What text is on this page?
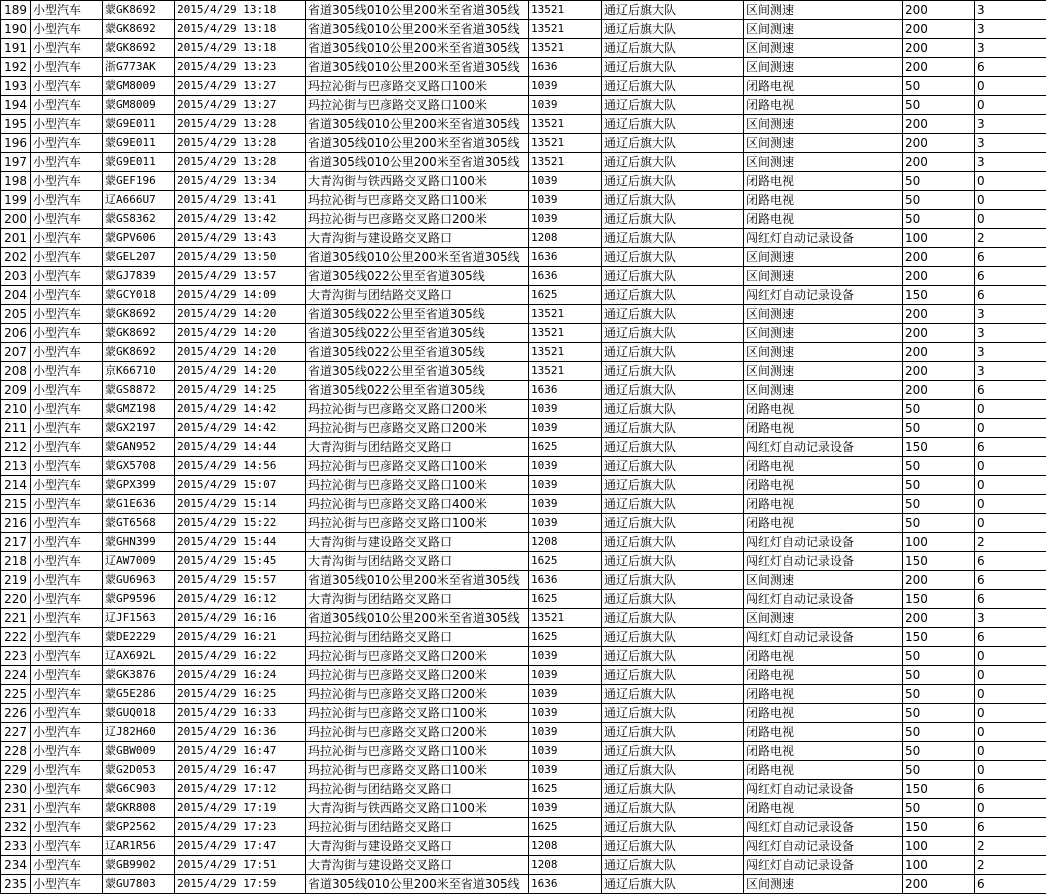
189	小型汽车	蒙GK8692	2015/4/29 13:18	省道305线010公里200米至省道305线	13521	通辽后旗大队	区间测速	200	3
190	小型汽车	蒙GK8692	2015/4/29 13:18	省道305线010公里200米至省道305线	13521	通辽后旗大队	区间测速	200	3
191	小型汽车	蒙GK8692	2015/4/29 13:18	省道305线010公里200米至省道305线	13521	通辽后旗大队	区间测速	200	3
192	小型汽车	浙G773AK	2015/4/29 13:23	省道305线010公里200米至省道305线	1636	通辽后旗大队	区间测速	200	6
193	小型汽车	蒙GM8009	2015/4/29 13:27	玛拉沁街与巴彦路交叉路口100米	1039	通辽后旗大队	闭路电视	50	0
194	小型汽车	蒙GM8009	2015/4/29 13:27	玛拉沁街与巴彦路交叉路口100米	1039	通辽后旗大队	闭路电视	50	0
195	小型汽车	蒙G9E011	2015/4/29 13:28	省道305线010公里200米至省道305线	13521	通辽后旗大队	区间测速	200	3
196	小型汽车	蒙G9E011	2015/4/29 13:28	省道305线010公里200米至省道305线	13521	通辽后旗大队	区间测速	200	3
197	小型汽车	蒙G9E011	2015/4/29 13:28	省道305线010公里200米至省道305线	13521	通辽后旗大队	区间测速	200	3
198	小型汽车	蒙GEF196	2015/4/29 13:34	大青沟街与铁西路交叉路口100米	1039	通辽后旗大队	闭路电视	50	0
199	小型汽车	辽A666U7	2015/4/29 13:41	玛拉沁街与巴彦路交叉路口100米	1039	通辽后旗大队	闭路电视	50	0
200	小型汽车	蒙GS8362	2015/4/29 13:42	玛拉沁街与巴彦路交叉路口200米	1039	通辽后旗大队	闭路电视	50	0
201	小型汽车	蒙GPV606	2015/4/29 13:43	大青沟街与建设路交叉路口	1208	通辽后旗大队	闯红灯自动记录设备	100	2
202	小型汽车	蒙GEL207	2015/4/29 13:50	省道305线010公里200米至省道305线	1636	通辽后旗大队	区间测速	200	6
203	小型汽车	蒙GJ7839	2015/4/29 13:57	省道305线022公里至省道305线	1636	通辽后旗大队	区间测速	200	6
204	小型汽车	蒙GCY018	2015/4/29 14:09	大青沟街与团结路交叉路口	1625	通辽后旗大队	闯红灯自动记录设备	150	6
205	小型汽车	蒙GK8692	2015/4/29 14:20	省道305线022公里至省道305线	13521	通辽后旗大队	区间测速	200	3
206	小型汽车	蒙GK8692	2015/4/29 14:20	省道305线022公里至省道305线	13521	通辽后旗大队	区间测速	200	3
207	小型汽车	蒙GK8692	2015/4/29 14:20	省道305线022公里至省道305线	13521	通辽后旗大队	区间测速	200	3
208	小型汽车	京K66710	2015/4/29 14:20	省道305线022公里至省道305线	13521	通辽后旗大队	区间测速	200	3
209	小型汽车	蒙GS8872	2015/4/29 14:25	省道305线022公里至省道305线	1636	通辽后旗大队	区间测速	200	6
210	小型汽车	蒙GMZ198	2015/4/29 14:42	玛拉沁街与巴彦路交叉路口200米	1039	通辽后旗大队	闭路电视	50	0
211	小型汽车	蒙GX2197	2015/4/29 14:42	玛拉沁街与巴彦路交叉路口200米	1039	通辽后旗大队	闭路电视	50	0
212	小型汽车	蒙GAN952	2015/4/29 14:44	大青沟街与团结路交叉路口	1625	通辽后旗大队	闯红灯自动记录设备	150	6
213	小型汽车	蒙GX5708	2015/4/29 14:56	玛拉沁街与巴彦路交叉路口100米	1039	通辽后旗大队	闭路电视	50	0
214	小型汽车	蒙GPX399	2015/4/29 15:07	玛拉沁街与巴彦路交叉路口100米	1039	通辽后旗大队	闭路电视	50	0
215	小型汽车	蒙G1E636	2015/4/29 15:14	玛拉沁街与巴彦路交叉路口400米	1039	通辽后旗大队	闭路电视	50	0
216	小型汽车	蒙GT6568	2015/4/29 15:22	玛拉沁街与巴彦路交叉路口100米	1039	通辽后旗大队	闭路电视	50	0
217	小型汽车	蒙GHN399	2015/4/29 15:44	大青沟街与建设路交叉路口	1208	通辽后旗大队	闯红灯自动记录设备	100	2
218	小型汽车	辽AW7009	2015/4/29 15:45	大青沟街与团结路交叉路口	1625	通辽后旗大队	闯红灯自动记录设备	150	6
219	小型汽车	蒙GU6963	2015/4/29 15:57	省道305线010公里200米至省道305线	1636	通辽后旗大队	区间测速	200	6
220	小型汽车	蒙GP9596	2015/4/29 16:12	大青沟街与团结路交叉路口	1625	通辽后旗大队	闯红灯自动记录设备	150	6
221	小型汽车	辽JF1563	2015/4/29 16:16	省道305线010公里200米至省道305线	13521	通辽后旗大队	区间测速	200	3
222	小型汽车	蒙DE2229	2015/4/29 16:21	玛拉沁街与团结路交叉路口	1625	通辽后旗大队	闯红灯自动记录设备	150	6
223	小型汽车	辽AX692L	2015/4/29 16:22	玛拉沁街与巴彦路交叉路口200米	1039	通辽后旗大队	闭路电视	50	0
224	小型汽车	蒙GK3876	2015/4/29 16:24	玛拉沁街与巴彦路交叉路口200米	1039	通辽后旗大队	闭路电视	50	0
225	小型汽车	蒙G5E286	2015/4/29 16:25	玛拉沁街与巴彦路交叉路口200米	1039	通辽后旗大队	闭路电视	50	0
226	小型汽车	蒙GUQ018	2015/4/29 16:33	玛拉沁街与巴彦路交叉路口100米	1039	通辽后旗大队	闭路电视	50	0
227	小型汽车	辽J82H60	2015/4/29 16:36	玛拉沁街与巴彦路交叉路口200米	1039	通辽后旗大队	闭路电视	50	0
228	小型汽车	蒙GBW009	2015/4/29 16:47	玛拉沁街与巴彦路交叉路口100米	1039	通辽后旗大队	闭路电视	50	0
229	小型汽车	蒙G2D053	2015/4/29 16:47	玛拉沁街与巴彦路交叉路口100米	1039	通辽后旗大队	闭路电视	50	0
230	小型汽车	蒙G6C903	2015/4/29 17:12	玛拉沁街与团结路交叉路口	1625	通辽后旗大队	闯红灯自动记录设备	150	6
231	小型汽车	蒙GKR808	2015/4/29 17:19	大青沟街与铁西路交叉路口100米	1039	通辽后旗大队	闭路电视	50	0
232	小型汽车	蒙GP2562	2015/4/29 17:23	玛拉沁街与团结路交叉路口	1625	通辽后旗大队	闯红灯自动记录设备	150	6
233	小型汽车	辽AR1R56	2015/4/29 17:47	大青沟街与建设路交叉路口	1208	通辽后旗大队	闯红灯自动记录设备	100	2
234	小型汽车	蒙GB9902	2015/4/29 17:51	大青沟街与建设路交叉路口	1208	通辽后旗大队	闯红灯自动记录设备	100	2
235	小型汽车	蒙GU7803	2015/4/29 17:59	省道305线010公里200米至省道305线	1636	通辽后旗大队	区间测速	200	6
